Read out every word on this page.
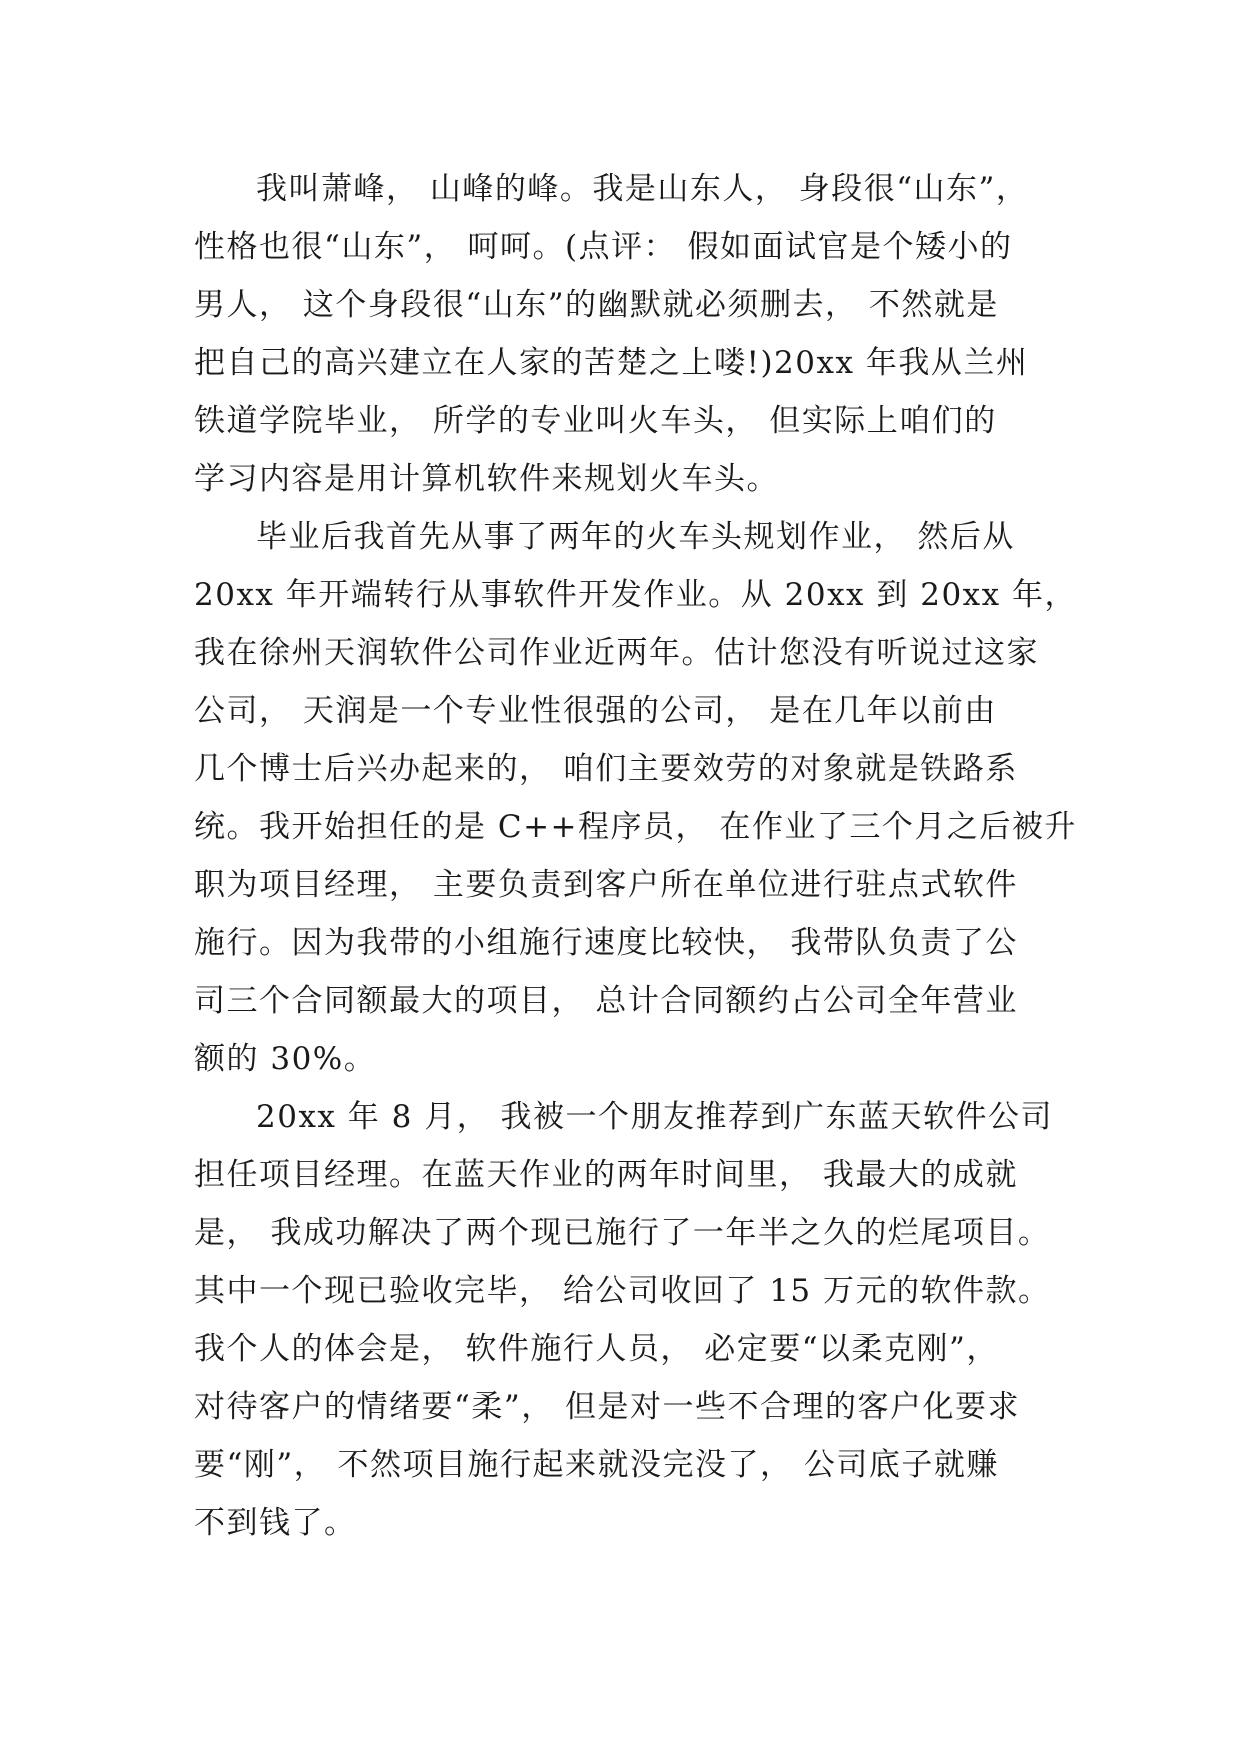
我叫萧峰， 山峰的峰。我是山东人， 身段很“山东”，
性格也很“山东”， 呵呵。(点评： 假如面试官是个矮小的
男人， 这个身段很“山东”的幽默就必须删去， 不然就是
把自己的高兴建立在人家的苦楚之上喽!)20xx 年我从兰州
铁道学院毕业， 所学的专业叫火车头， 但实际上咱们的
学习内容是用计算机软件来规划火车头。
毕业后我首先从事了两年的火车头规划作业， 然后从
20xx 年开端转行从事软件开发作业。从 20xx 到 20xx 年，
我在徐州天润软件公司作业近两年。估计您没有听说过这家
公司， 天润是一个专业性很强的公司， 是在几年以前由
几个博士后兴办起来的， 咱们主要效劳的对象就是铁路系
统。我开始担任的是 C++程序员， 在作业了三个月之后被升
职为项目经理， 主要负责到客户所在单位进行驻点式软件
施行。因为我带的小组施行速度比较快， 我带队负责了公
司三个合同额最大的项目， 总计合同额约占公司全年营业
额的 30%。
20xx 年 8 月， 我被一个朋友推荐到广东蓝天软件公司
担任项目经理。在蓝天作业的两年时间里， 我最大的成就
是， 我成功解决了两个现已施行了一年半之久的烂尾项目。
其中一个现已验收完毕， 给公司收回了 15 万元的软件款。
我个人的体会是， 软件施行人员， 必定要“以柔克刚”，
对待客户的情绪要“柔”， 但是对一些不合理的客户化要求
要“刚”， 不然项目施行起来就没完没了， 公司底子就赚
不到钱了。
